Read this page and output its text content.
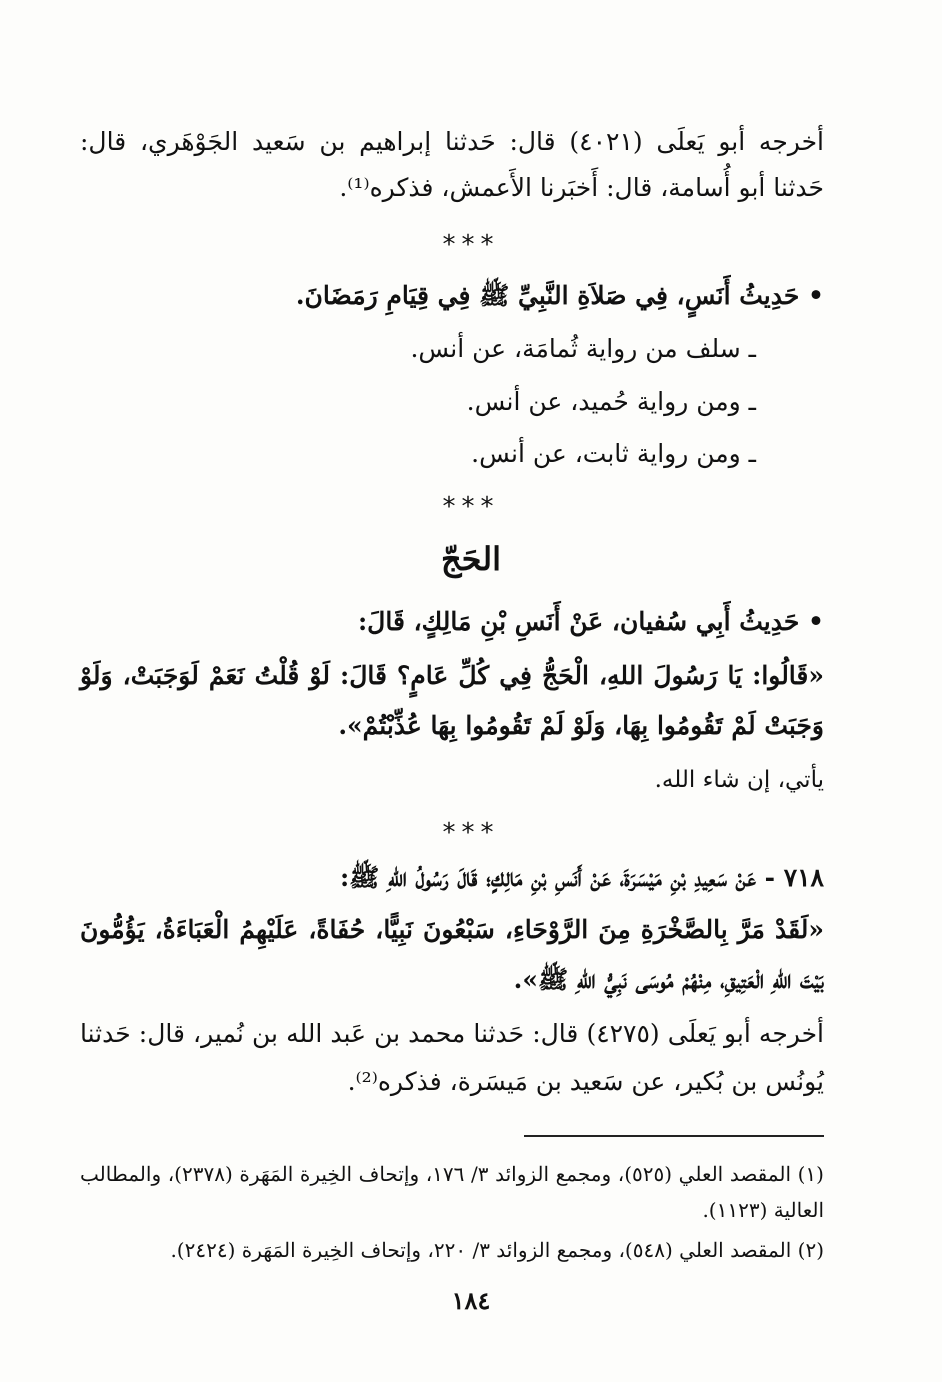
أخرجه أبو يَعلَى (٤٠٢١) قال: حَدثنا إبراهيم بن سَعيد الجَوْهَري، قال:
حَدثنا أبو أُسامة، قال: أَخبَرنا الأَعمش، فذكره⁽¹⁾.
***
• حَدِيثُ أَنَسٍ، فِي صَلاَةِ النَّبِيِّ ﷺ فِي قِيَامِ رَمَضَانَ.
ـ سلف من رواية ثُمامَة، عن أنس.
ـ ومن رواية حُميد، عن أنس.
ـ ومن رواية ثابت، عن أنس.
***
الحَجّ
• حَدِيثُ أَبِي سُفيان، عَنْ أَنَسِ بْنِ مَالِكٍ، قَالَ:
«قَالُوا: يَا رَسُولَ اللهِ، الْحَجُّ فِي كُلِّ عَامٍ؟ قَالَ: لَوْ قُلْتُ نَعَمْ لَوَجَبَتْ، وَلَوْ
وَجَبَتْ لَمْ تَقُومُوا بِهَا، وَلَوْ لَمْ تَقُومُوا بِهَا عُذِّبْتُمْ».
يأتي، إن شاء الله.
***
٧١٨ - عَنْ سَعِيدِ بْنِ مَيْسَرَةَ، عَنْ أَنَسِ بْنِ مَالِكٍ؛ قَالَ رَسُولُ اللهِ ﷺ:
«لَقَدْ مَرَّ بِالصَّخْرَةِ مِنَ الرَّوْحَاءِ، سَبْعُونَ نَبِيًّا، حُفَاةً، عَلَيْهِمُ الْعَبَاءَةُ، يَؤُمُّونَ
بَيْتَ اللهِ الْعَتِيقِ، مِنْهُمْ مُوسَى نَبِيُّ اللهِ ﷺ».
أخرجه أبو يَعلَى (٤٢٧٥) قال: حَدثنا محمد بن عَبد الله بن نُمير، قال: حَدثنا
يُونُس بن بُكير، عن سَعيد بن مَيسَرة، فذكره⁽²⁾.
(١) المقصد العلي (٥٢٥)، ومجمع الزوائد ٣/ ١٧٦، وإتحاف الخِيرة المَهَرة (٢٣٧٨)، والمطالب
العالية (١١٢٣).
(٢) المقصد العلي (٥٤٨)، ومجمع الزوائد ٣/ ٢٢٠، وإتحاف الخِيرة المَهَرة (٢٤٢٤).
١٨٤
